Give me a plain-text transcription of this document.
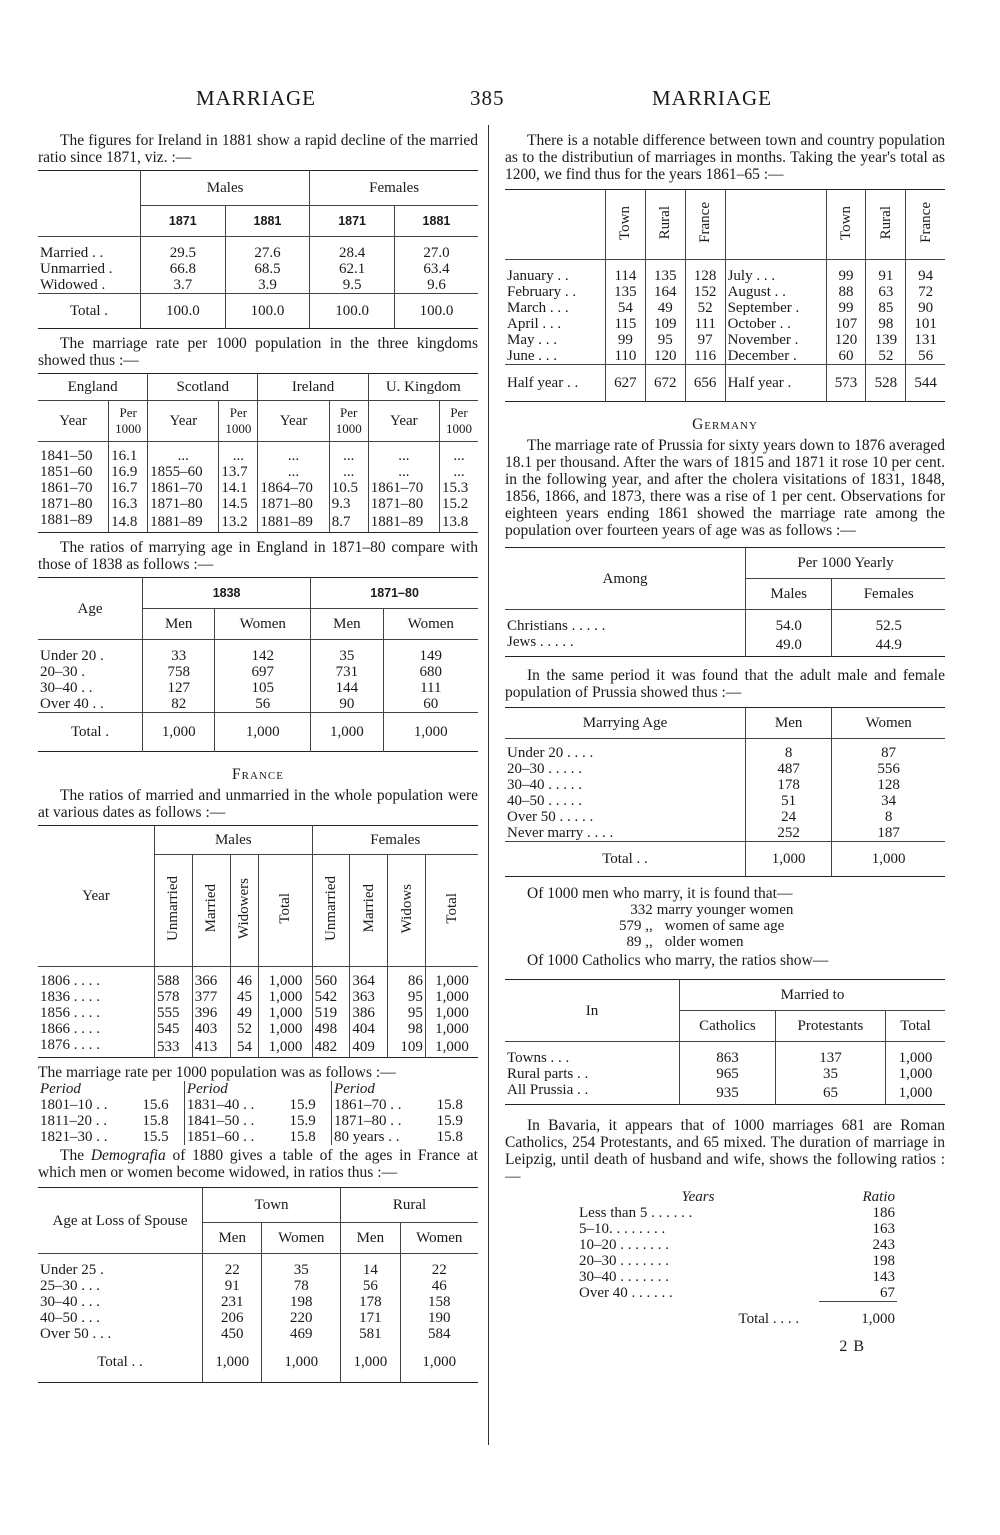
MARRIAGE	385	MARRIAGE

The figures for Ireland in 1881 show a rapid decline of the married ratio since 1871, viz. :—

	Males		Females	
	1871	1881	1871	1881

Married . .	29.5	27.6	28.4	27.0
Unmarried .	66.8	68.5	62.1	63.4
Widowed .	3.7	3.9	9.5	9.6
Total .	100.0	100.0	100.0	100.0

The marriage rate per 1000 population in the three kingdoms showed thus :—

England		Scotland		Ireland		U. Kingdom	
Year	Per 1000	Year	Per 1000	Year	Per 1000	Year	Per 1000

1841–50	16.1	...	...	...	...	...	...
1851–60	16.9	1855–60	13.7	...	...	...	...
1861–70	16.7	1861–70	14.1	1864–70	10.5	1861–70	15.3
1871–80	16.3	1871–80	14.5	1871–80	9.3	1871–80	15.2
1881–89	14.8	1881–89	13.2	1881–89	8.7	1881–89	13.8

The ratios of marrying age in England in 1871–80 compare with those of 1838 as follows :—

Age	1838		1871–80	
	Men	Women	Men	Women

Under 20 .	33	142	35	149
20–30 .	758	697	731	680
30–40 . .	127	105	144	111
Over 40 . .	82	56	90	60
Total .	1,000	1,000	1,000	1,000
France

The ratios of married and unmarried in the whole population were at various dates as follows :—

Year	Males				Females			
	Unmarried	Married	Widowers	Total	Unmarried	Married	Widows	Total

1806 . . . .	588	366	46	1,000	560	364	86	1,000
1836 . . . .	578	377	45	1,000	542	363	95	1,000
1856 . . . .	555	396	49	1,000	519	386	95	1,000
1866 . . . .	545	403	52	1,000	498	404	98	1,000
1876 . . . .	533	413	54	1,000	482	409	109	1,000

The marriage rate per 1000 population was as follows :—

Period		Period		Period	
1801–10 . .	15.6	1831–40 . .	15.9	1861–70 . .	15.8
1811–20 . .	15.8	1841–50 . .	15.9	1871–80 . .	15.9
1821–30 . .	15.5	1851–60 . .	15.8	80 years . .	15.8

The Demografia of 1880 gives a table of the ages in France at which men or women become widowed, in ratios thus :—

Age at Loss of Spouse	Town		Rural	
	Men	Women	Men	Women

Under 25 .	22	35	14	22
25–30 . . .	91	78	56	46
30–40 . . .	231	198	178	158
40–50 . . .	206	220	171	190
Over 50 . . .	450	469	581	584
Total . .	1,000	1,000	1,000	1,000

There is a notable difference between town and country population as to the distributiun of marriages in months. Taking the year's total as 1200, we find thus for the years 1861–65 :—

	Town	Rural	France		Town	Rural	France

January . .	114	135	128	July . . .	99	91	94
February . .	135	164	152	August . .	88	63	72
March . . .	54	49	52	September .	99	85	90
April . . .	115	109	111	October . .	107	98	101
May . . .	99	95	97	November .	120	139	131
June . . .	110	120	116	December .	60	52	56
Half year . .	627	672	656	Half year .	573	528	544
Germany

The marriage rate of Prussia for sixty years down to 1876 averaged 18.1 per thousand. After the wars of 1815 and 1871 it rose 10 per cent. in the following year, and after the cholera visitations of 1831, 1848, 1856, 1866, and 1873, there was a rise of 1 per cent. Observations for eighteen years ending 1861 showed the marriage rate among the population over fourteen years of age was as follows :—

Among	Per 1000 Yearly	
	Males	Females

Christians . . . . .	54.0	52.5
Jews . . . . .	49.0	44.9

In the same period it was found that the adult male and female population of Prussia showed thus :—

Marrying Age	Men	Women

Under 20 . . . .	8	87
20–30 . . . . .	487	556
30–40 . . . . .	178	128
40–50 . . . . .	51	34
Over 50 . . . . .	24	8
Never marry . . . .	252	187
Total . .	1,000	1,000

Of 1000 men who marry, it is found that—

332	marry younger women
579 ,,	women of same age
89 ,,	older women

Of 1000 Catholics who marry, the ratios show—

In	Married to		
	Catholics	Protestants	Total

Towns . . .	863	137	1,000
Rural parts . .	965	35	1,000
All Prussia . .	935	65	1,000

In Bavaria, it appears that of 1000 marriages 681 are Roman Catholics, 254 Protestants, and 65 mixed. The duration of marriage in Leipzig, until death of husband and wife, shows the following ratios :—

Years	Ratio
Less than 5 . . . . . .	186
5–10. . . . . . . .	163
10–20 . . . . . . .	243
20–30 . . . . . . .	198
30–40 . . . . . . .	143
Over 40 . . . . . .	67
Total . . . .	1,000
2 B
